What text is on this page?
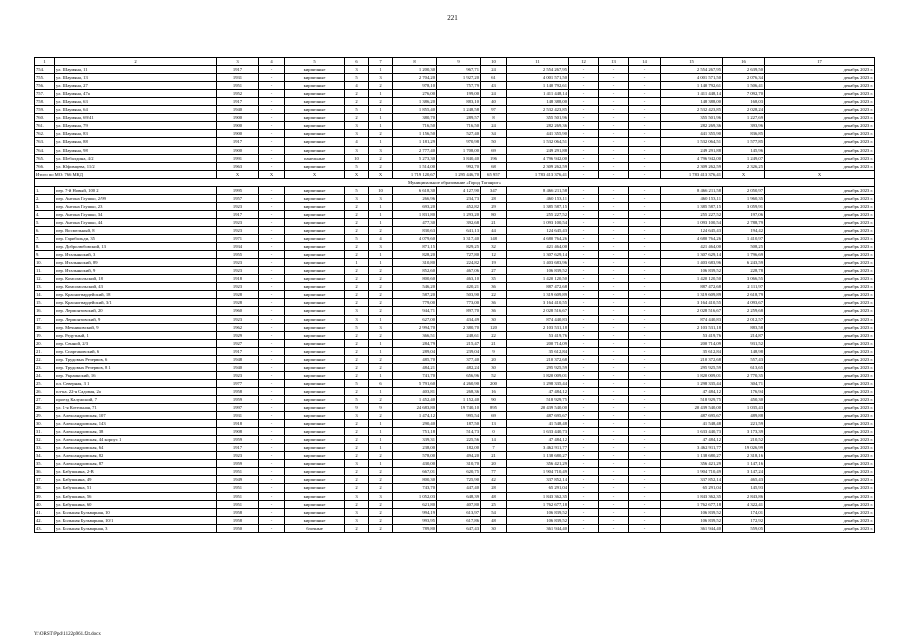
221
1	2	3	4	5	6	7	8	9	10	11	12	13	14	15	16	17
754.	ул. Шаумяна, 11	1917	-	кирпичные	3	1	1 200,30	967,71	24	2 554 267,95	-	-	-	2 554 267,95	2 639,50	декабрь 2023 г.
755.	ул. Шаумяна, 13	1931	-	кирпичные	5	3	2 704,20	1 927,20	61	4 001 571,50	-	-	-	4 001 571,50	2 076,34	декабрь 2023 г.
756.	ул. Шаумяна, 27	1951	-	кирпичные	4	2	978,10	757,79	43	1 140 792,61	-	-	-	1 140 792,61	1 506,41	декабрь 2023 г.
757.	ул. Шаумяна, 47а	1952	-	кирпичные	2	1	276,00	199,00	24	1 411 448,14	-	-	-	1 411 448,14	7 092,70	декабрь 2023 г.
758.	ул. Шаумяна, 63	1917	-	кирпичные	2	2	1 386,20	883,10	40	148 388,00	-	-	-	148 388,00	168,03	декабрь 2023 г.
759.	ул. Шаумяна, 64	1940	-	кирпичные	5	1	1 855,40	1 248,58	97	2 532 423,85	-	-	-	2 532 423,85	2 028,24	декабрь 2023 г.
760.	ул. Шаумяна, 69/41	1900	-	кирпичные	2	1	380,70	289,57	8	355 501,96	-	-	-	355 501,96	1 227,69	декабрь 2023 г.
761.	ул. Шаумяна, 79	1900	-	кирпичные	3	1	716,50	716,50	24	282 269,36	-	-	-	282 269,36	393,96	декабрь 2023 г.
762.	ул. Шаумяна, 83	1900	-	кирпичные	3	2	1 156,50	527,40	34	441 355,90	-	-	-	441 355,90	836,85	декабрь 2023 г.
763.	ул. Шаумяна, 88	1917	-	кирпичные	4	1	1 181,29	970,98	50	1 532 064,51	-	-	-	1 532 064,51	1 577,85	декабрь 2023 г.
764.	ул. Шаумяна, 98	1900	-	кирпичные	3	3	2 777,40	1 708,00	69	249 291,88	-	-	-	249 291,88	145,96	декабрь 2023 г.
765.	ул. Шебалдина, 4/2	1991	-	панельные	10	2	5 273,30	3 840,40	196	4 796 942,00	-	-	-	4 796 942,00	1 249,07	декабрь 2023 г.
766.	ул. Юфимцева, 11/2	1963	-	кирпичные	5	2	1 514,00	992,70	68	2 309 262,59	-	-	-	2 309 262,59	2 326,25	декабрь 2023 г.
Итого по МО: 766 МКД		X	X	X	X	X	1 719 120,67	1 295 446,70	65 957	1 783 413 376,41	-	-	-	1 783 413 376,41	X	X
Муниципальное образование «Город Таганрог»																
1.	пер. 7-й Новый, 100 2	1995	-	кирпичные	5	10	6 618,30	4 127,90	347	8 466 211,58	-	-	-	8 466 211,58	2 050,97	декабрь 2023 г.
2.	пер. Антона Глушко, 2/99	1957	-	кирпичные	3	3	266,96	234,73	28	460 153,11	-	-	-	460 153,11	1 960,35	декабрь 2023 г.
3.	пер. Антона Глушко, 23	1923	-	кирпичные	2	1	693,20	452,82	29	1 385 587,15	-	-	-	1 385 587,15	3 059,91	декабрь 2023 г.
4.	пер. Антона Глушко, 34	1917	-	кирпичные	2	1	1 831,80	1 293,20	80	255 227,52	-	-	-	255 227,52	197,06	декабрь 2023 г.
5.	пер. Антона Глушко, 44	1923	-	кирпичные	2	1	477,30	392,68	21	1 093 100,54	-	-	-	1 093 100,54	2 788,79	декабрь 2023 г.
6.	пер. Восмельный, 8	1923	-	кирпичные	2	2	830,63	641,13	44	124 645,43	-	-	-	124 645,43	194,42	декабрь 2023 г.
7.	пер. Гарибальди, 35	1971	-	кирпичные	5	4	4 079,60	3 317,40	148	4 680 764,26	-	-	-	4 680 764,26	1 410,97	декабрь 2023 г.
8.	пер. Добролюбовский, 13	1934	-	кирпичные	2	3	871,15	829,25	32	421 464,00	-	-	-	421 464,00	508,25	декабрь 2023 г.
9.	пер. Итальянский, 3	1955	-	кирпичные	2	1	828,20	727,80	12	1 307 629,14	-	-	-	1 307 629,14	1 796,69	декабрь 2023 г.
10.	пер. Итальянский, 89	1923	-	кирпичные	1	1	310,80	224,82	19	1 403 683,96	-	-	-	1 403 683,96	6 243,59	декабрь 2023 г.
11.	пер. Итальянский, 9	1923	-	кирпичные	2	2	852,60	467,06	27	106 839,52	-	-	-	106 839,52	228,78	декабрь 2023 г.
12.	пер. Комсомольский, 18	1918	-	кирпичные	2	2	800,60	463,10	35	1 420 120,50	-	-	-	1 420 120,50	3 066,55	декабрь 2023 г.
13.	пер. Комсомольский, 43	1923	-	кирпичные	2	2	546,20	420,21	36	887 472,68	-	-	-	887 472,68	2 111,97	декабрь 2023 г.
14.	пер. Красногвардейский, 18	1928	-	кирпичные	2	2	587,20	503,90	22	1 319 609,89	-	-	-	1 319 609,89	2 618,79	декабрь 2023 г.
15.	пер. Красногвардейский, 3/1	1928	-	кирпичные	2	2	779,00	773,00	36	3 164 410,55	-	-	-	3 164 410,55	4 093,67	декабрь 2023 г.
16.	пер. Лермонтовский, 20	1960	-	кирпичные	3	2	944,71	897,70	36	2 028 516,67	-	-	-	2 028 516,67	2 259,68	декабрь 2023 г.
17.	пер. Лермонтовский, 9	1923	-	кирпичные	3	1	627,00	434,49	30	874 440,83	-	-	-	874 440,83	2 012,57	декабрь 2023 г.
18.	пер. Мечниковский, 9	1962	-	кирпичные	5	3	2 994,70	2 380,70	120	2 103 531,18	-	-	-	2 103 531,18	883,58	декабрь 2023 г.
19.	пер. Редутный, 1	1929	-	кирпичные	2	2	366,51	248,61	22	53 419,76	-	-	-	53 419,76	214,87	декабрь 2023 г.
20.	пер. Сенной, 2/3	1927	-	кирпичные	2	1	284,79	215,47	21	200 714,09	-	-	-	200 714,09	931,52	декабрь 2023 г.
21.	пер. Спартаковский, 6	1917	-	кирпичные	2	1	289,04	239,04	9	35 612,84	-	-	-	35 612,84	148,98	декабрь 2023 г.
22.	пер. Трудовых Резервов, 6	1948	-	кирпичные	2	2	485,70	377,40	20	210 372,68	-	-	-	210 372,68	557,43	декабрь 2023 г.
23.	пер. Трудовых Резервов, 8 1	1940	-	кирпичные	2	2	484,21	482,24	30	295 925,59	-	-	-	295 925,59	613,65	декабрь 2023 г.
24.	пер. Украинский, 16	1923	-	кирпичные	2	1	741,70	656,96	52	1 820 009,01	-	-	-	1 820 009,01	2 770,35	декабрь 2023 г.
25.	пл. Северная, 3 1	1977	-	кирпичные	5	6	5 791,60	4 260,90	200	1 298 335,44	-	-	-	1 298 335,44	304,71	декабрь 2023 г.
26.	пл-ка. 22-я Садовая, 2а	1958	-	кирпичные	2	1	403,81	268,36	16	47 484,12	-	-	-	47 484,12	176,94	декабрь 2023 г.
27.	проезд Калужский, 7	1959	-	кирпичные	5	2	1 452,40	1 152,40	90	518 929,75	-	-	-	518 929,75	450,30	декабрь 2023 г.
28.	ул. 1-я Котельная, 71	1997	-	кирпичные	9	9	24 683,80	19 740,10	895	20 439 540,00	-	-	-	20 439 540,00	1 035,43	декабрь 2023 г.
29.	ул. Александровская, 107	1931	-	кирпичные	3	2	1 474,12	995,54	69	487 695,67	-	-	-	487 695,67	489,88	декабрь 2023 г.
30.	ул. Александровская, 143	1918	-	кирпичные	2	1	290,40	187,50	13	41 548,48	-	-	-	41 548,48	221,59	декабрь 2023 г.
31.	ул. Александровская, 38	1908	-	кирпичные	2	1	751,18	514,73	0	1 633 440,73	-	-	-	1 633 440,73	3 173,39	декабрь 2023 г.
32.	ул. Александровская, 44 корпус 1	1959	-	кирпичные	2	1	339,31	225,56	14	47 484,12	-	-	-	47 484,12	210,52	декабрь 2023 г.
33.	ул. Александровская, 64	1917	-	кирпичные	2	1	238,00	182,00	7	3 462 911,77	-	-	-	3 462 911,77	19 026,99	декабрь 2023 г.
34.	ул. Александровская, 82	1923	-	кирпичные	2	2	578,00	494,20	21	1 138 680,27	-	-	-	1 138 680,27	2 318,16	декабрь 2023 г.
35.	ул. Александровская, 87	1959	-	кирпичные	3	1	430,00	310,70	20	356 421,29	-	-	-	356 421,29	1 147,16	декабрь 2023 г.
36.	ул. Бабушкина, 2-В	1951	-	кирпичные	2	2	667,01	620,75	77	1 904 710,49	-	-	-	1 904 710,49	3 147,24	декабрь 2023 г.
37.	ул. Бабушкина, 49	1949	-	кирпичные	2	2	800,30	725,90	42	337 852,14	-	-	-	337 852,14	465,43	декабрь 2023 г.
38.	ул. Бабушкина, 51	1951	-	кирпичные	2	2	743,70	447,40	28	65 291,04	-	-	-	65 291,04	145,93	декабрь 2023 г.
39.	ул. Бабушкина, 56	1951	-	кирпичные	3	3	1 052,03	648,39	48	1 843 362,35	-	-	-	1 843 362,35	2 843,86	декабрь 2023 г.
40.	ул. Бабушкина, 60	1951	-	кирпичные	2	2	621,80	407,80	25	1 762 677,18	-	-	-	1 762 677,18	4 322,41	декабрь 2023 г.
41.	ул. Большая Бульварная, 10	1958	-	кирпичные	3	2	994,19	613,97	54	106 839,52	-	-	-	106 839,52	174,01	декабрь 2023 г.
42.	ул. Большая Бульварная, 10/1	1958	-	кирпичные	3	2	993,95	617,86	48	106 839,52	-	-	-	106 839,52	172,92	декабрь 2023 г.
43.	ул. Большая Бульварная, 3	1950	-	блочные	2	2	789,80	647,43	30	361 944,40	-	-	-	361 944,40	559,05	декабрь 2023 г.
Y:\ORST\Ppd\1122p961.f2t.docx
